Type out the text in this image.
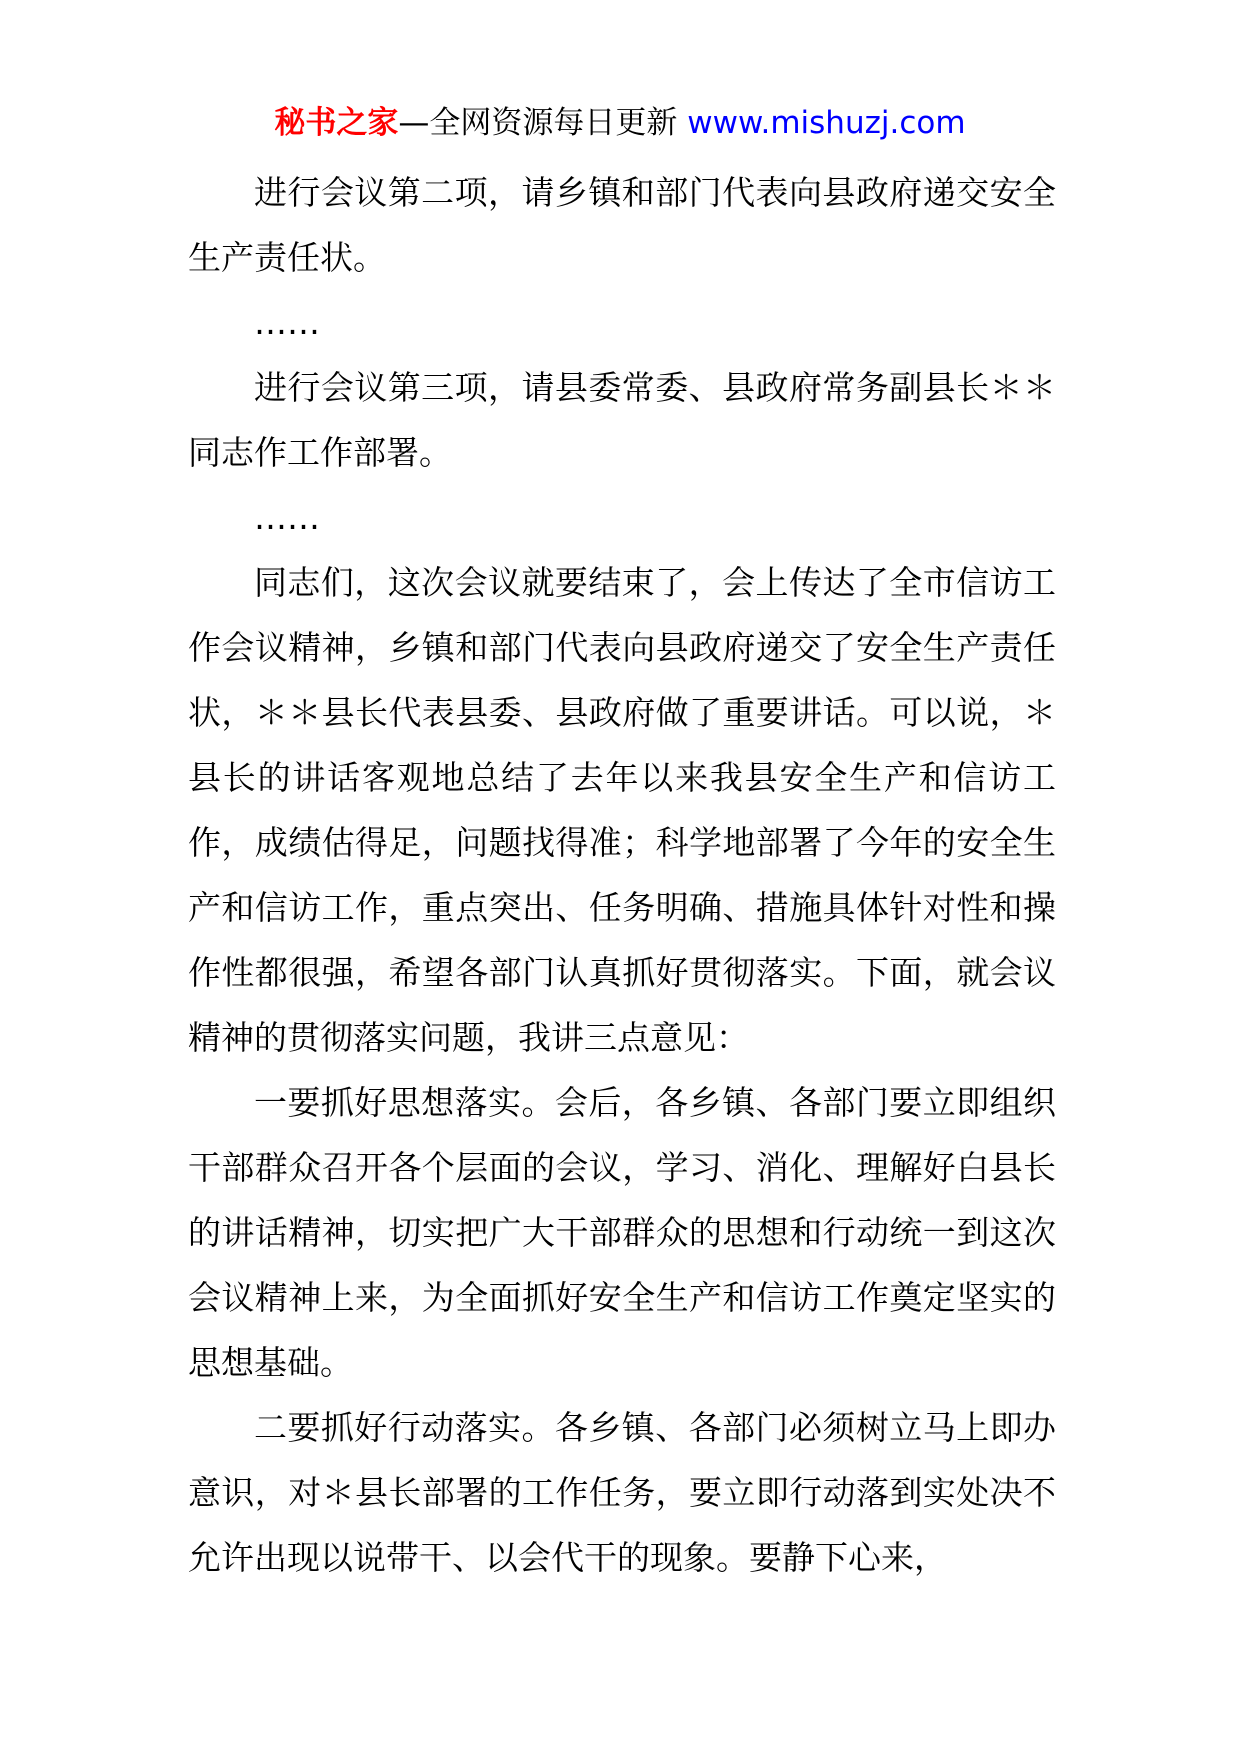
秘书之家—全网资源每日更新 www.mishuzj.com

进行会议第二项，请乡镇和部门代表向县政府递交安全生产责任状。

……

进行会议第三项，请县委常委、县政府常务副县长＊＊同志作工作部署。

……

同志们，这次会议就要结束了，会上传达了全市信访工作会议精神，乡镇和部门代表向县政府递交了安全生产责任状，＊＊县长代表县委、县政府做了重要讲话。可以说，＊县长的讲话客观地总结了去年以来我县安全生产和信访工作，成绩估得足，问题找得准；科学地部署了今年的安全生产和信访工作，重点突出、任务明确、措施具体针对性和操作性都很强，希望各部门认真抓好贯彻落实。下面，就会议精神的贯彻落实问题，我讲三点意见：

一要抓好思想落实。会后，各乡镇、各部门要立即组织干部群众召开各个层面的会议，学习、消化、理解好白县长的讲话精神，切实把广大干部群众的思想和行动统一到这次会议精神上来，为全面抓好安全生产和信访工作奠定坚实的思想基础。

二要抓好行动落实。各乡镇、各部门必须树立马上即办意识，对＊县长部署的工作任务，要立即行动落到实处决不允许出现以说带干、以会代干的现象。要静下心来，
